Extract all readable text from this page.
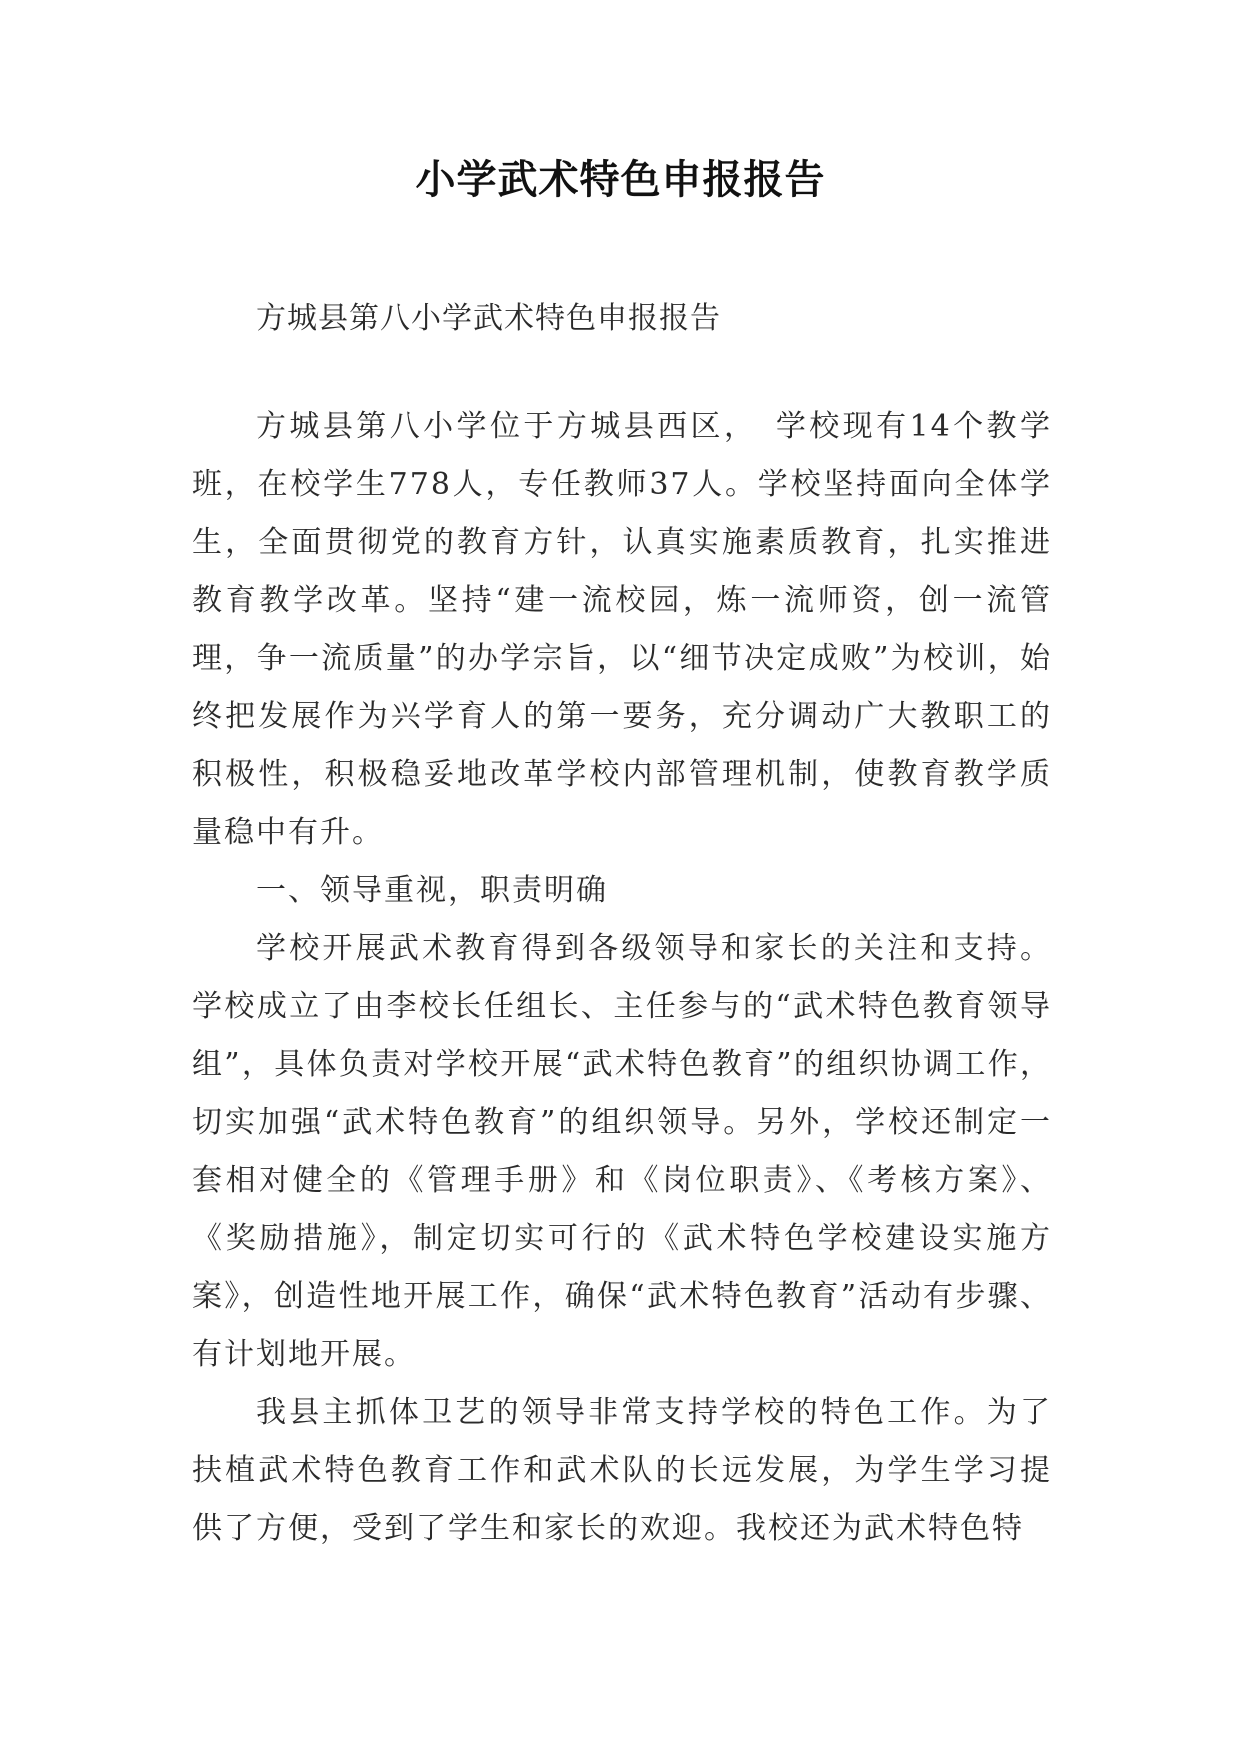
小学武术特色申报报告

方城县第八小学武术特色申报报告

方城县第八小学位于方城县西区，　学校现有14个教学班，在校学生778人，专任教师37人。学校坚持面向全体学生，全面贯彻党的教育方针，认真实施素质教育，扎实推进教育教学改革。坚持“建一流校园，炼一流师资，创一流管理，争一流质量”的办学宗旨，以“细节决定成败”为校训，始终把发展作为兴学育人的第一要务，充分调动广大教职工的积极性，积极稳妥地改革学校内部管理机制，使教育教学质量稳中有升。

一、领导重视，职责明确

学校开展武术教育得到各级领导和家长的关注和支持。学校成立了由李校长任组长、主任参与的“武术特色教育领导组”，具体负责对学校开展“武术特色教育”的组织协调工作，切实加强“武术特色教育”的组织领导。另外，学校还制定一套相对健全的《管理手册》和《岗位职责》、《考核方案》、《奖励措施》，制定切实可行的《武术特色学校建设实施方案》，创造性地开展工作，确保“武术特色教育”活动有步骤、有计划地开展。

我县主抓体卫艺的领导非常支持学校的特色工作。为了扶植武术特色教育工作和武术队的长远发展，为学生学习提供了方便，受到了学生和家长的欢迎。我校还为武术特色特
